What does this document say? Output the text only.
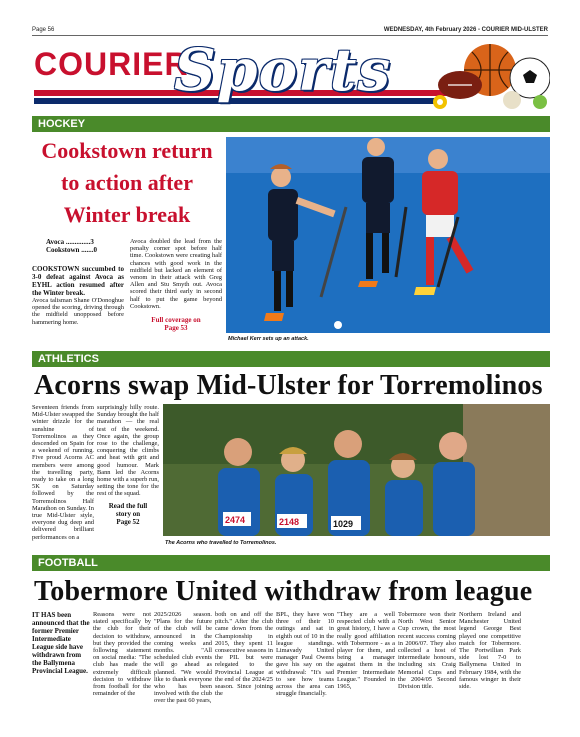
Page 56	WEDNESDAY, 4th February 2026 - COURIER MID-ULSTER
COURIER
Sports
HOCKEY
Cookstown return
to action after
Winter break
Avoca ..............3
Cookstown .......0
COOKSTOWN succumbed to 3-0 defeat against Avoca as EYHL action resumed after the Winter break.
Avoca talisman Shane O'Donoghue opened the scoring, driving through the midfield unopposed before hammering home.
Avoca doubled the lead from the penalty corner spot before half time. Cookstown were creating half chances with good work in the midfield but lacked an element of venom in their attack with Greg Allen and Stu Smyth out. Avoca scored their third early in second half to put the game beyond Cookstown.
Full coverage on
Page 53
Michael Kerr sets up an attack.
ATHLETICS
Acorns swap Mid-Ulster for Torremolinos
Seventeen friends from Mid-Ulster swapped the winter drizzle for the sunshine of Torremolinos as they descended on Spain for a weekend of running. Five proud Acorns AC members were among the travelling party, ready to take on a long 5K on Saturday followed by the Torremolinos Half Marathon on Sunday. In true Mid-Ulster style, everyone dug deep and delivered brilliant performances on a
surprisingly hilly route. Sunday brought the half marathon — the real test of the weekend. Once again, the group rose to the challenge, conquering the climbs and heat with grit and good humour. Mark Bann led the Acorns home with a superb run, setting the tone for the rest of the squad.
Read the full
story on
Page 52	2474	2148	1029
The Acorns who travelled to Torremolinos.
FOOTBALL
Tobermore United withdraw from league
IT HAS been announced that the former Premier Intermediate League side have withdrawn from the Ballymena Provincial League.
Reasons were not stated specifically by the club for their decision to withdraw, but they provided the following statement on social media: "The club has made the extremely difficult decision to withdraw from football for the remainder of the
2025/2026 season. "Plans for the future of the club will be announced in the coming weeks and months. "All scheduled club events will go ahead as planned. "We would like to thank everyone who has been involved with the club over the past 60 years,
both on and off the pitch." After the club came down from the Championship in 2015, they spent 11 consecutive seasons in the PIL but were relegated to the Provincial League at the end of the 2024/25 season. Since joining the
BPL, they have won three of their 10 outings and sat in eighth out of 10 in the league standings. Limavady United manager Paul Owens gave his say on the withdrawal: "It's sad to see how teams across the area can struggle financially.
"They are a well respected club with a great history, I have a really good affiliation with Tobermore - as a player for them, and being a manager against them in the Premier Intermediate League." Founded in 1965,
Tobermore won their North West Senior Cup crown, the most recent success coming in 2006/07. They also collected a host of intermediate honours, including six Craig Memorial Cups and the 2004/05 Second Division title.
Northern Ireland and Manchester United legend George Best played one competitive match for Tobermore. The Portwillian Park side lost 7-0 to Ballymena United in February 1984, with the famous winger in their side.
